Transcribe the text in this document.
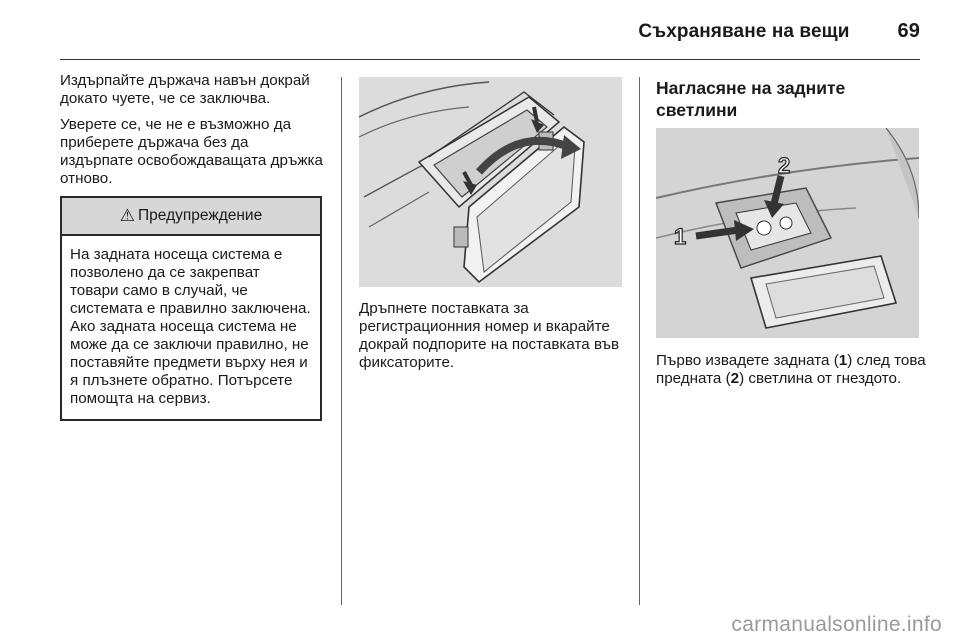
Съхраняване на вещи 69

Издърпайте държача навън докрай докато чуете, че се заключва.

Уверете се, че не е възможно да приберете държача без да издърпате освобождаващата дръжка отново.

⚠ Предупреждение
На задната носеща система е позволено да се закрепват товари само в случай, че системата е правилно заключена. Ако задната носеща система не може да се заключи правилно, не поставяйте предмети върху нея и я плъзнете обратно. Потърсете помощта на сервиз.
Дръпнете поставката за регистрационния номер и вкарайте докрай подпорите на поставката във фиксаторите.
Нагласяне на задните светлини
1
2
Първо извадете задната (1) след това предната (2) светлина от гнездото.
carmanualsonline.info
